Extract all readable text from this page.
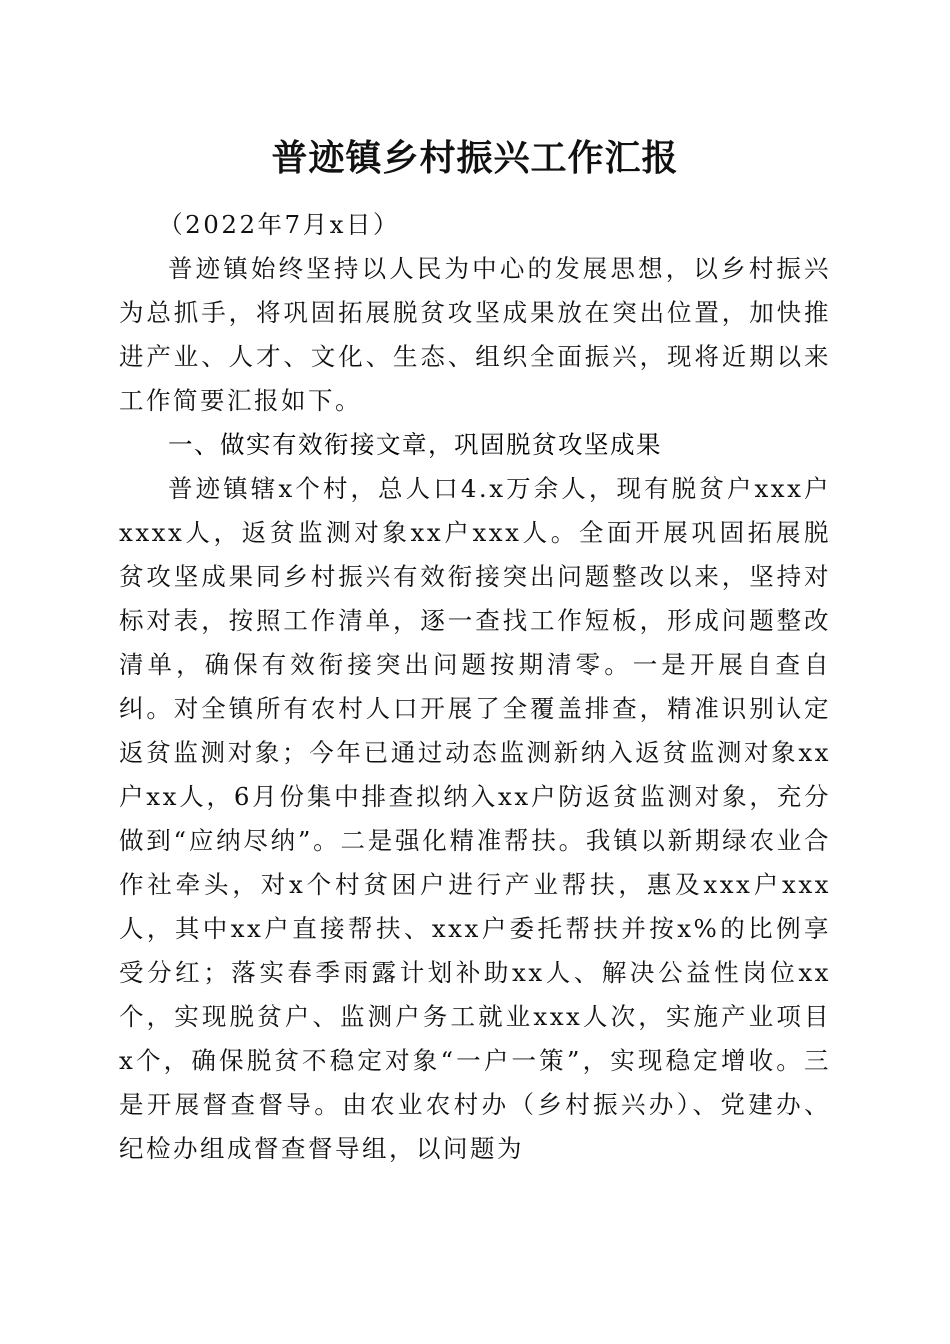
普迹镇乡村振兴工作汇报

（2022年7月x日）

普迹镇始终坚持以人民为中心的发展思想，以乡村振兴为总抓手，将巩固拓展脱贫攻坚成果放在突出位置，加快推进产业、人才、文化、生态、组织全面振兴，现将近期以来工作简要汇报如下。

一、做实有效衔接文章，巩固脱贫攻坚成果

普迹镇辖x个村，总人口4.x万余人，现有脱贫户xxx户xxxx人，返贫监测对象xx户xxx人。全面开展巩固拓展脱贫攻坚成果同乡村振兴有效衔接突出问题整改以来，坚持对标对表，按照工作清单，逐一查找工作短板，形成问题整改清单，确保有效衔接突出问题按期清零。一是开展自查自纠。对全镇所有农村人口开展了全覆盖排查，精准识别认定返贫监测对象；今年已通过动态监测新纳入返贫监测对象xx户xx人，6月份集中排查拟纳入xx户防返贫监测对象，充分做到“应纳尽纳”。二是强化精准帮扶。我镇以新期绿农业合作社牵头，对x个村贫困户进行产业帮扶，惠及xxx户xxx人，其中xx户直接帮扶、xxx户委托帮扶并按x%的比例享受分红；落实春季雨露计划补助xx人、解决公益性岗位xx个，实现脱贫户、监测户务工就业xxx人次，实施产业项目x个，确保脱贫不稳定对象“一户一策”，实现稳定增收。三是开展督查督导。由农业农村办（乡村振兴办）、党建办、纪检办组成督查督导组，以问题为
